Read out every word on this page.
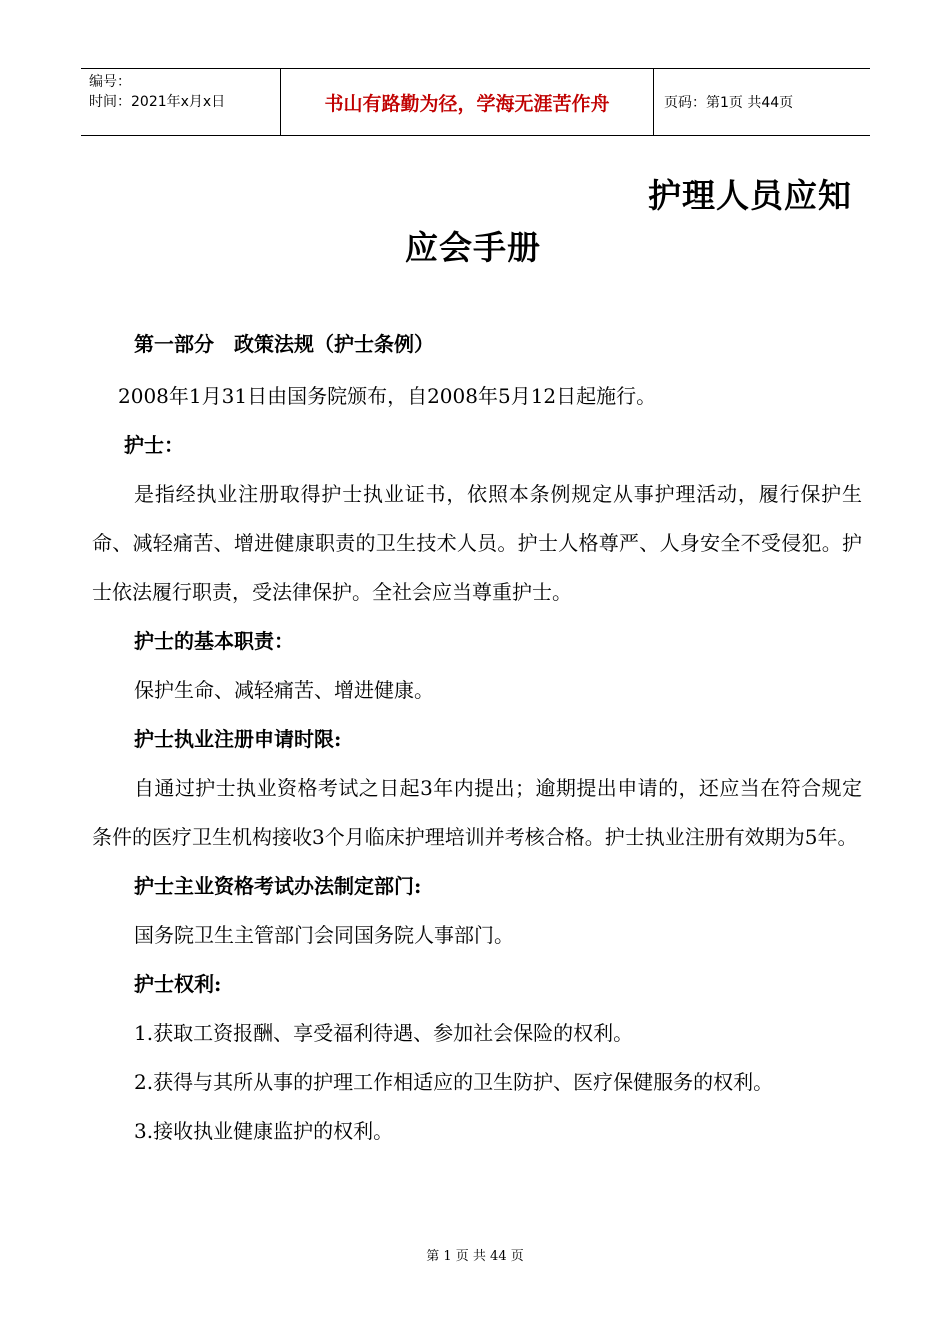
编号：
时间：2021年x月x日	书山有路勤为径，学海无涯苦作舟	页码：第1页 共44页
护理人员应知
应会手册

第一部分　政策法规（护士条例）

2008年1月31日由国务院颁布，自2008年5月12日起施行。

护士：

是指经执业注册取得护士执业证书，依照本条例规定从事护理活动，履行保护生命、减轻痛苦、增进健康职责的卫生技术人员。护士人格尊严、人身安全不受侵犯。护士依法履行职责，受法律保护。全社会应当尊重护士。

护士的基本职责：

保护生命、减轻痛苦、增进健康。

护士执业注册申请时限:

自通过护士执业资格考试之日起3年内提出；逾期提出申请的，还应当在符合规定条件的医疗卫生机构接收3个月临床护理培训并考核合格。护士执业注册有效期为5年。

护士主业资格考试办法制定部门:

国务院卫生主管部门会同国务院人事部门。

护士权利:

1.获取工资报酬、享受福利待遇、参加社会保险的权利。

2.获得与其所从事的护理工作相适应的卫生防护、医疗保健服务的权利。

3.接收执业健康监护的权利。

第 1 页 共 44 页
